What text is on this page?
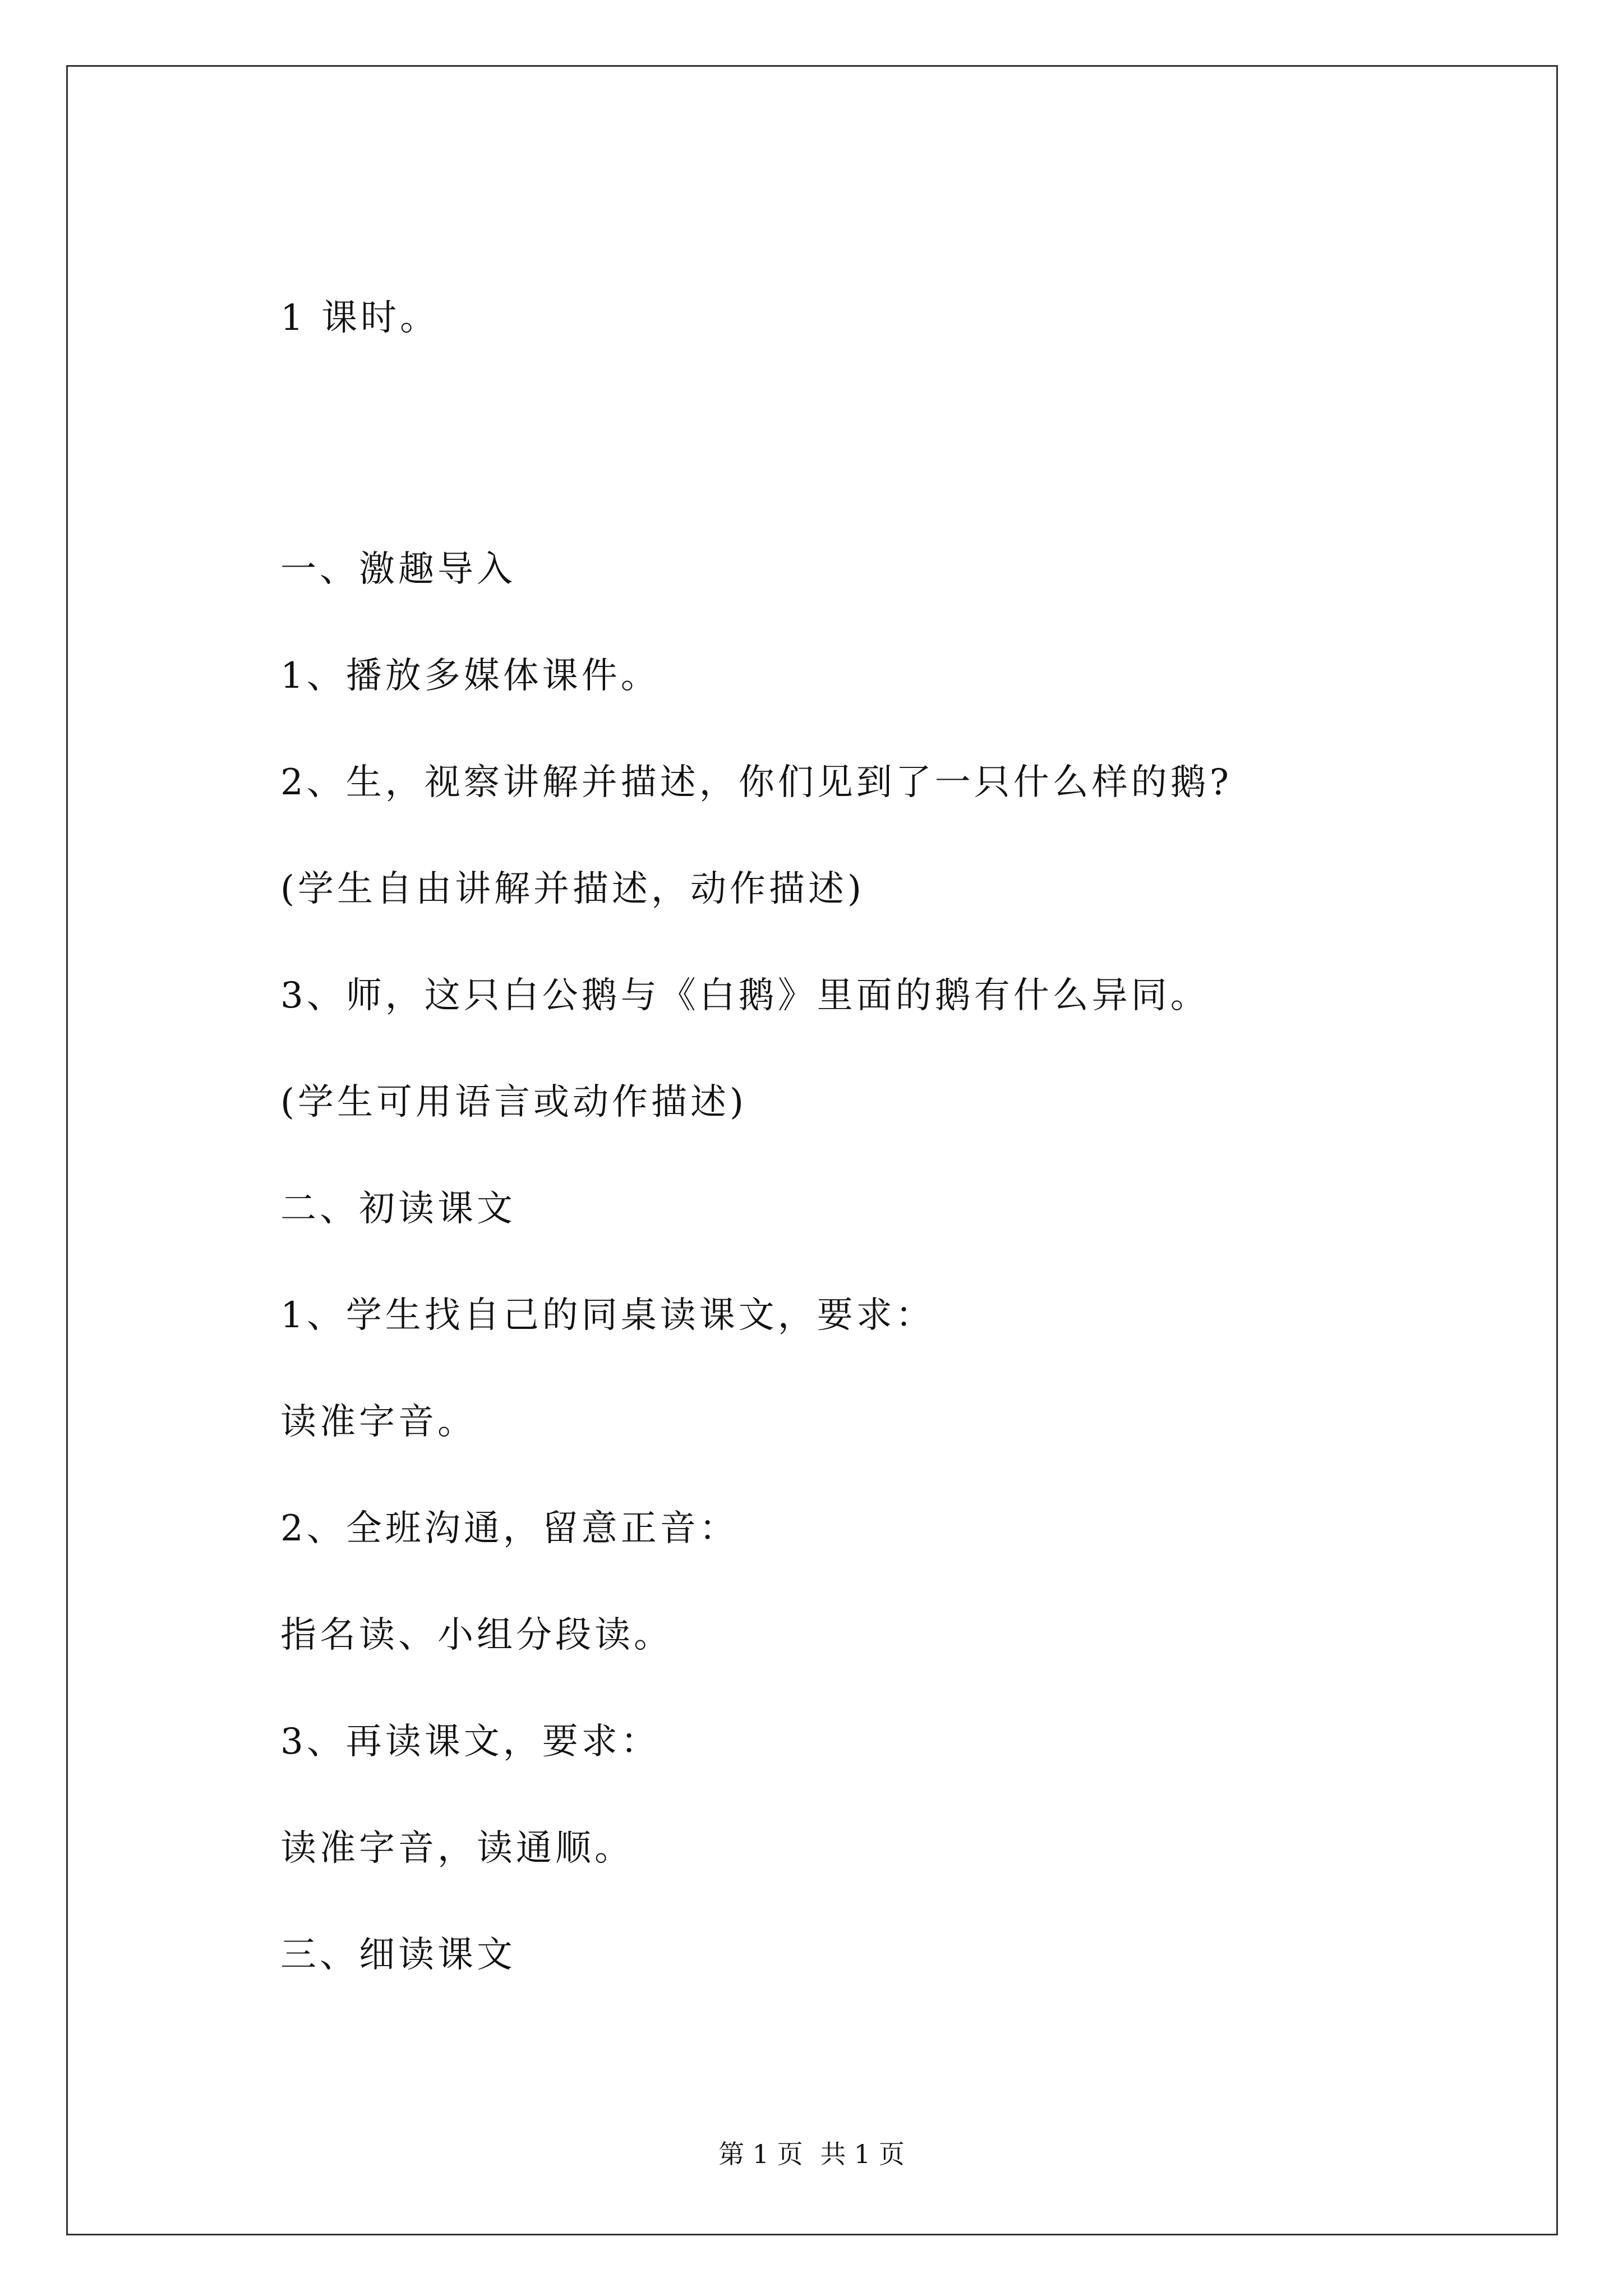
1 课时。
一、激趣导入
1、播放多媒体课件。
2、生，视察讲解并描述，你们见到了一只什么样的鹅?
(学生自由讲解并描述，动作描述)
3、师，这只白公鹅与《白鹅》里面的鹅有什么异同。
(学生可用语言或动作描述)
二、初读课文
1、学生找自己的同桌读课文，要求：
读准字音。
2、全班沟通，留意正音：
指名读、小组分段读。
3、再读课文，要求：
读准字音，读通顺。
三、细读课文
第 1 页 共 1 页
